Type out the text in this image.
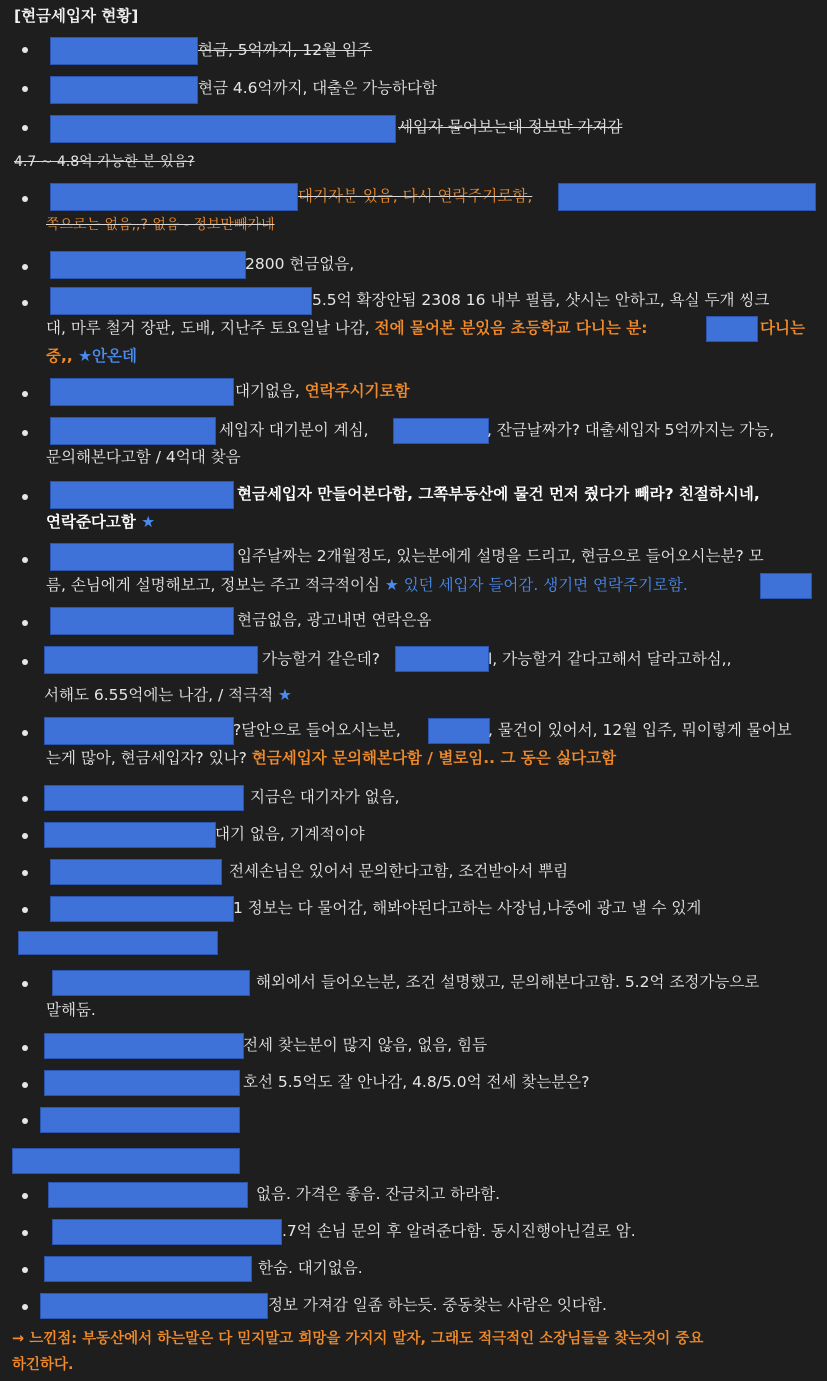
[현금세입자 현황]
현금, 5억까지, 12월 입주
현금 4.6억까지, 대출은 가능하다함
세입자 물어보는데 정보만 가져감
4.7 ~ 4.8억 가능한 분 있음?
대기자분 있음, 다시 연락주기로함,
쪽으로는 없음,,? 없음 - 정보만빼가네
2800 현금없음,
5.5억 확장안됨 2308 16 내부 필름, 샷시는 안하고, 욕실 두개 씽크
대, 마루 철거 장판, 도배, 지난주 토요일날 나감, 전에 물어본 분있음 초등학교 다니는 분:	다니는
중,, ★안온데
대기없음, 연락주시기로함
세입자 대기분이 계심,	, 잔금날짜가? 대출세입자 5억까지는 가능,
문의해본다고함 / 4억대 찾음
현금세입자 만들어본다함, 그쪽부동산에 물건 먼저 줬다가 빼라? 친절하시네,
연락준다고함 ★
입주날짜는 2개월정도, 있는분에게 설명을 드리고, 현금으로 들어오시는분? 모
름, 손님에게 설명해보고, 정보는 주고 적극적이심 ★ 있던 세입자 들어감. 생기면 연락주기로함.
현금없음, 광고내면 연락은옴
가능할거 같은데?	l, 가능할거 같다고해서 달라고하심,,
서해도 6.55억에는 나감, / 적극적 ★
?달안으로 들어오시는분,	, 물건이 있어서, 12월 입주, 뭐이렇게 물어보
는게 많아, 현금세입자? 있나? 현금세입자 문의해본다함 / 별로임.. 그 동은 싫다고함
지금은 대기자가 없음,
대기 없음, 기계적이야
전세손님은 있어서 문의한다고함, 조건받아서 뿌림
1 정보는 다 물어감, 해봐야된다고하는 사장님,나중에 광고 낼 수 있게
해외에서 들어오는분, 조건 설명했고, 문의해본다고함. 5.2억 조정가능으로
말해둠.
전세 찾는분이 많지 않음, 없음, 힘듬
호선 5.5억도 잘 안나감, 4.8/5.0억 전세 찾는분은?
없음. 가격은 좋음. 잔금치고 하라함.
.7억 손님 문의 후 알려준다함. 동시진행아닌걸로 암.
한숨. 대기없음.
정보 가져감 일좀 하는듯. 중동찾는 사람은 잇다함.
→ 느낀점: 부동산에서 하는말은 다 믿지말고 희망을 가지지 말자, 그래도 적극적인 소장님들을 찾는것이 중요
하긴하다.
